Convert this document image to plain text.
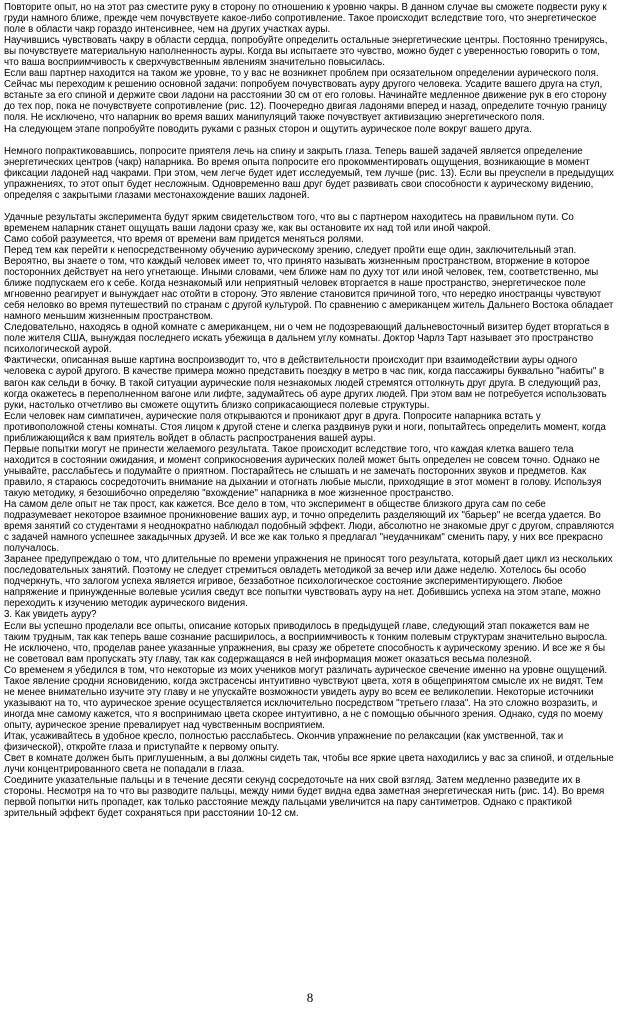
Повторите опыт, но на этот раз сместите руку в сторону по отношению к уровню чакры. В данном случае вы сможете подвести руку к груди намного ближе, прежде чем почувствуете какое-либо сопротивление. Такое происходит вследствие того, что энергетическое поле в области чакр гораздо интенсивнее, чем на других участках ауры.

Научившись чувствовать чакру в области сердца, попробуйте определить остальные энергетические центры. Постоянно тренируясь, вы почувствуете материальную наполненность ауры. Когда вы испытаете это чувство, можно будет с уверенностью говорить о том, что ваша восприимчивость к сверхчувственным явлениям значительно повысилась.

Если ваш партнер находится на таком же уровне, то у вас не возникнет проблем при осязательном определении аурического поля.

Сейчас мы переходим к решению основной задачи: попробуем почувствовать ауру другого человека. Усадите вашего друга на стул, встаньте за его спиной и держите свои ладони на расстоянии 30 см от его головы. Начинайте медленное движение рук в его сторону до тех пор, пока не почувствуете сопротивление (рис. 12). Поочередно двигая ладонями вперед и назад, определите точную границу поля. Не исключено, что напарник во время ваших манипуляций также почувствует активизацию энергетического поля.

На следующем этапе попробуйте поводить руками с разных сторон и ощутить аурическое поле вокруг вашего друга.

Немного попрактиковавшись, попросите приятеля лечь на спину и закрыть глаза. Теперь вашей задачей является определение энергетических центров (чакр) напарника. Во время опыта попросите его прокомментировать ощущения, возникающие в момент фиксации ладоней над чакрами. При этом, чем легче будет идет исследуемый, тем лучше (рис. 13). Если вы преуспели в предыдущих упражнениях, то этот опыт будет несложным. Одновременно ваш друг будет развивать свои способности к аурическому видению, определяя с закрытыми глазами местонахождение ваших ладоней.

Удачные результаты эксперимента будут ярким свидетельством того, что вы с партнером находитесь на правильном пути. Со временем напарник станет ощущать ваши ладони сразу же, как вы остановите их над той или иной чакрой.

Само собой разумеется, что время от времени вам придется меняться ролями.

Перед тем как перейти к непосредственному обучению аурическому зрению, следует пройти еще один, заключительный этап.

Вероятно, вы знаете о том, что каждый человек имеет то, что принято называть жизненным пространством, вторжение в которое посторонних действует на него угнетающе. Иными словами, чем ближе нам по духу тот или иной человек, тем, соответственно, мы ближе подпускаем его к себе. Когда незнакомый или неприятный человек вторгается в наше пространство, энергетическое поле мгновенно реагирует и вынуждает нас отойти в сторону. Это явление становится причиной того, что нередко иностранцы чувствуют себя неловко во время путешествий по странам с другой культурой. По сравнению с американцем житель Дальнего Востока обладает намного меньшим жизненным пространством.

Следовательно, находясь в одной комнате с американцем, ни о чем не подозревающий дальневосточный визитер будет вторгаться в поле жителя США, вынуждая последнего искать убежища в дальнем углу комнаты. Доктор Чарлз Тарт называет это пространство психологической аурой.

Фактически, описанная выше картина воспроизводит то, что в действительности происходит при взаимодействии ауры одного человека с аурой другого. В качестве примера можно представить поездку в метро в час пик, когда пассажиры буквально "набиты" в вагон как сельди в бочку. В такой ситуации аурические поля незнакомых людей стремятся оттолкнуть друг друга. В следующий раз, когда окажетесь в переполненном вагоне или лифте, задумайтесь об ауре других людей. При этом вам не потребуется использовать руки, настолько отчетливо вы сможете ощутить близко соприкасающиеся полевые структуры.

Если человек нам симпатичен, аурические поля открываются и проникают друг в друга. Попросите напарника встать у противоположной стены комнаты. Стоя лицом к другой стене и слегка раздвинув руки и ноги, попытайтесь определить момент, когда приближающийся к вам приятель войдет в область распространения вашей ауры.

Первые попытки могут не принести желаемого результата. Такое происходит вследствие того, что каждая клетка вашего тела находится в состоянии ожидания, и момент соприкосновения аурических полей может быть определен не совсем точно. Однако не унывайте, расслабьтесь и подумайте о приятном. Постарайтесь не слышать и не замечать посторонних звуков и предметов. Как правило, я стараюсь сосредоточить внимание на дыхании и отогнать любые мысли, приходящие в этот момент в голову. Используя такую методику, я безошибочно определяю "вхождение" напарника в мое жизненное пространство.

На самом деле опыт не так прост, как кажется. Все дело в том, что эксперимент в обществе близкого друга сам по себе подразумевает некоторое взаимное проникновение ваших аур, и точно определить разделяющий их "барьер" не всегда удается. Во время занятий со студентами я неоднократно наблюдал подобный эффект. Люди, абсолютно не знакомые друг с другом, справляются с задачей намного успешнее закадычных друзей. И все же как только я предлагал "неудачникам" сменить пару, у них все прекрасно получалось.

Заранее предупреждаю о том, что длительные по времени упражнения не приносят того результата, который дает цикл из нескольких последовательных занятий. Поэтому не следует стремиться овладеть методикой за вечер или даже неделю. Хотелось бы особо подчеркнуть, что залогом успеха является игривое, беззаботное психологическое состояние экспериментирующего. Любое напряжение и принужденные волевые усилия сведут все попытки чувствовать ауру на нет. Добившись успеха на этом этапе, можно переходить к изучению методик аурического видения.

3. Как увидеть ауру?

Если вы успешно проделали все опыты, описание которых приводилось в предыдущей главе, следующий этап покажется вам не таким трудным, так как теперь ваше сознание расширилось, а восприимчивость к тонким полевым структурам значительно выросла. Не исключено, что, проделав ранее указанные упражнения, вы сразу же обретете способность к аурическому зрению. И все же я бы не советовал вам пропускать эту главу, так как содержащаяся в ней информация может оказаться весьма полезной.

Со временем я убедился в том, что некоторые из моих учеников могут различать аурическое свечение именно на уровне ощущений. Такое явление сродни ясновидению, когда экстрасенсы интуитивно чувствуют цвета, хотя в общепринятом смысле их не видят. Тем не менее внимательно изучите эту главу и не упускайте возможности увидеть ауру во всем ее великолепии. Некоторые источники указывают на то, что аурическое зрение осуществляется исключительно посредством "третьего глаза". На это сложно возразить, и иногда мне самому кажется, что я воспринимаю цвета скорее интуитивно, а не с помощью обычного зрения. Однако, судя по моему опыту, аурическое зрение превалирует над чувственным восприятием.

Итак, усаживайтесь в удобное кресло, полностью расслабьтесь. Окончив упражнение по релаксации (как умственной, так и физической), откройте глаза и приступайте к первому опыту.

Свет в комнате должен быть приглушенным, а вы должны сидеть так, чтобы все яркие цвета находились у вас за спиной, и отдельные лучи концентрированного света не попадали в глаза.

Соедините указательные пальцы и в течение десяти секунд сосредоточьте на них свой взгляд. Затем медленно разведите их в стороны. Несмотря на то что вы разводите пальцы, между ними будет видна едва заметная энергетическая нить (рис. 14). Во время первой попытки нить пропадет, как только расстояние между пальцами увеличится на пару сантиметров. Однако с практикой зрительный эффект будет сохраняться при расстоянии 10-12 см.

8
